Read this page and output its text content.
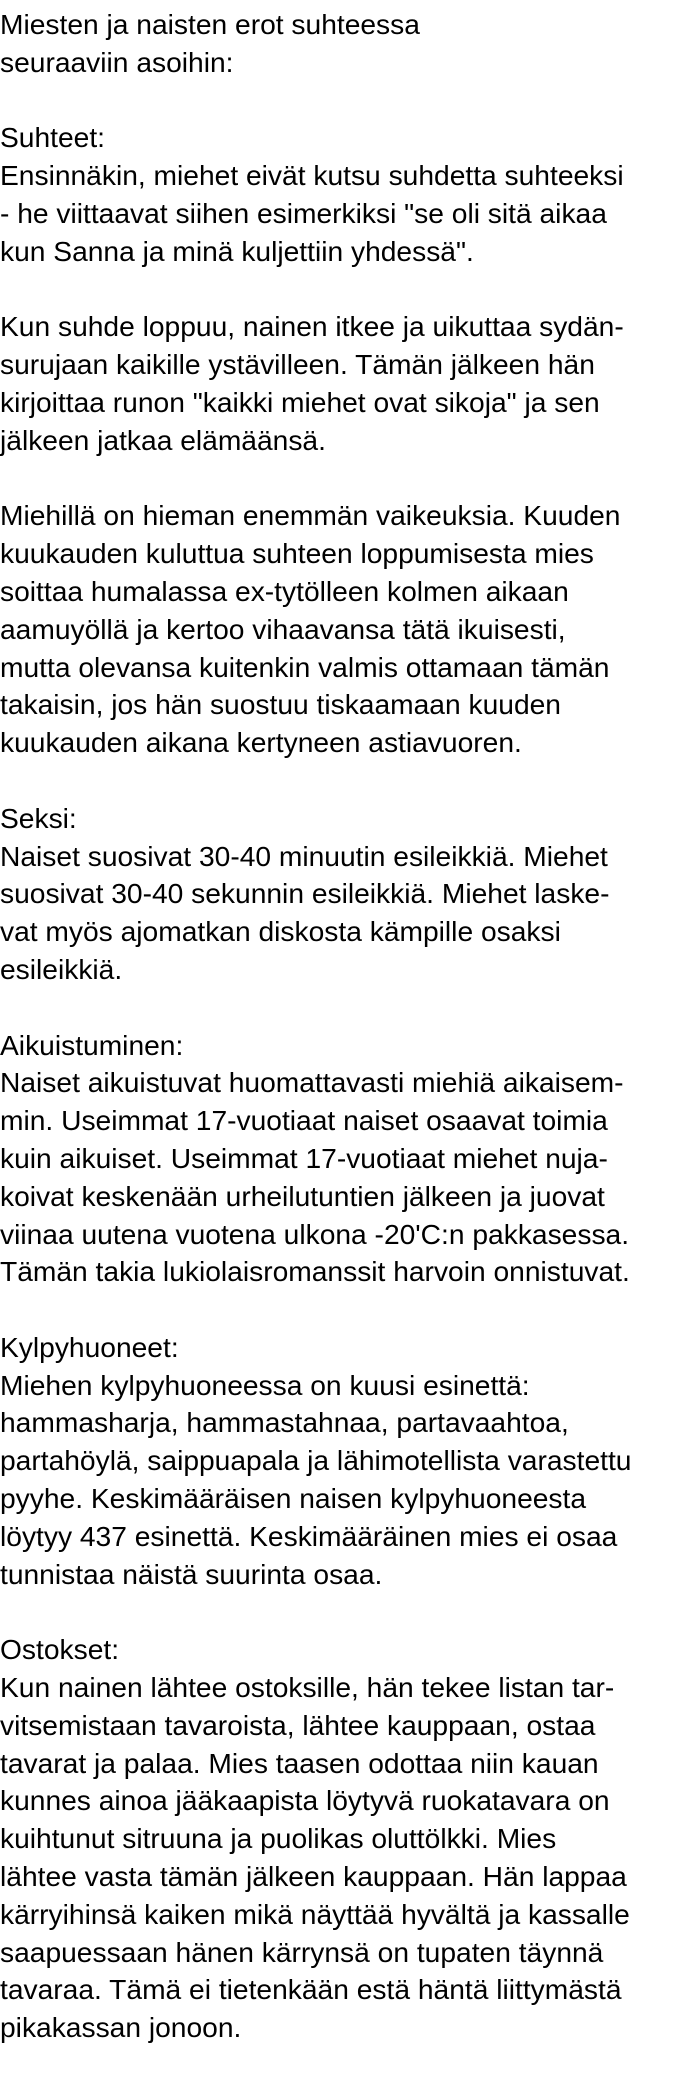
Miesten ja naisten erot suhteessa
seuraaviin asoihin:
Suhteet:
Ensinnäkin, miehet eivät kutsu suhdetta suhteeksi
- he viittaavat siihen esimerkiksi "se oli sitä aikaa
kun Sanna ja minä kuljettiin yhdessä".
Kun suhde loppuu, nainen itkee ja uikuttaa sydän-
surujaan kaikille ystävilleen. Tämän jälkeen hän
kirjoittaa runon "kaikki miehet ovat sikoja" ja sen
jälkeen jatkaa elämäänsä.
Miehillä on hieman enemmän vaikeuksia. Kuuden
kuukauden kuluttua suhteen loppumisesta mies
soittaa humalassa ex-tytölleen kolmen aikaan
aamuyöllä ja kertoo vihaavansa tätä ikuisesti,
mutta olevansa kuitenkin valmis ottamaan tämän
takaisin, jos hän suostuu tiskaamaan kuuden
kuukauden aikana kertyneen astiavuoren.
Seksi:
Naiset suosivat 30-40 minuutin esileikkiä. Miehet
suosivat 30-40 sekunnin esileikkiä. Miehet laske-
vat myös ajomatkan diskosta kämpille osaksi
esileikkiä.
Aikuistuminen:
Naiset aikuistuvat huomattavasti miehiä aikaisem-
min. Useimmat 17-vuotiaat naiset osaavat toimia
kuin aikuiset. Useimmat 17-vuotiaat miehet nuja-
koivat keskenään urheilutuntien jälkeen ja juovat
viinaa uutena vuotena ulkona -20'C:n pakkasessa.
Tämän takia lukiolaisromanssit harvoin onnistuvat.
Kylpyhuoneet:
Miehen kylpyhuoneessa on kuusi esinettä:
hammasharja, hammastahnaa, partavaahtoa,
partahöylä, saippuapala ja lähimotellista varastettu
pyyhe. Keskimääräisen naisen kylpyhuoneesta
löytyy 437 esinettä. Keskimääräinen mies ei osaa
tunnistaa näistä suurinta osaa.
Ostokset:
Kun nainen lähtee ostoksille, hän tekee listan tar-
vitsemistaan tavaroista, lähtee kauppaan, ostaa
tavarat ja palaa. Mies taasen odottaa niin kauan
kunnes ainoa jääkaapista löytyvä ruokatavara on
kuihtunut sitruuna ja puolikas oluttölkki. Mies
lähtee vasta tämän jälkeen kauppaan. Hän lappaa
kärryihinsä kaiken mikä näyttää hyvältä ja kassalle
saapuessaan hänen kärrynsä on tupaten täynnä
tavaraa. Tämä ei tietenkään estä häntä liittymästä
pikakassan jonoon.
